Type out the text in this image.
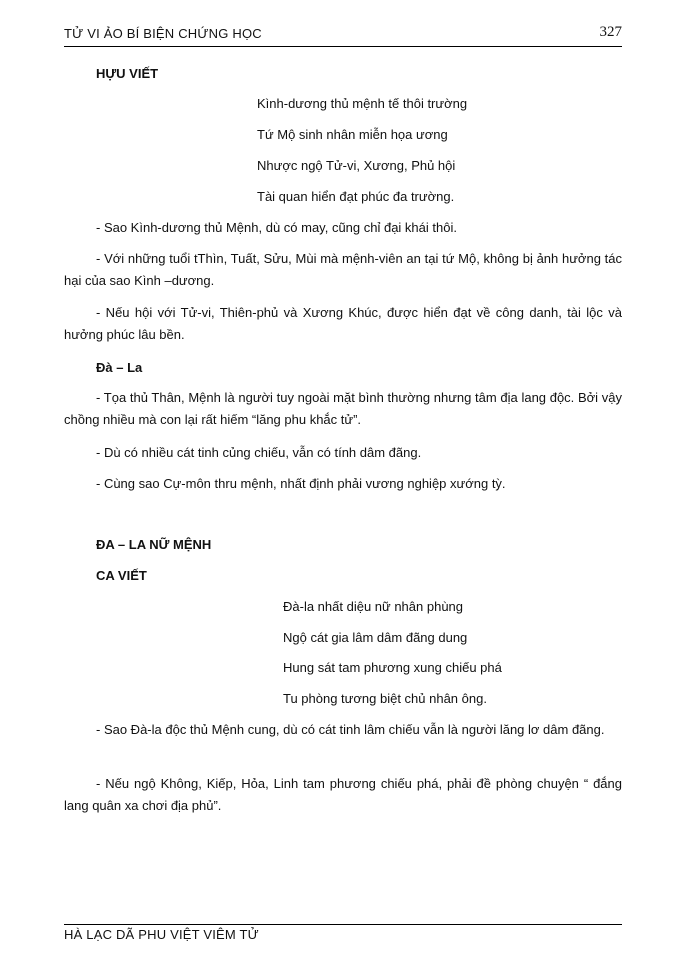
TỬ VI ẢO BÍ BIỆN CHỨNG HỌC	327
HỰU VIẾT
Kình-dương thủ mệnh tế thôi trường
Tứ Mộ sinh nhân miễn họa ương
Nhược ngộ Tử-vi, Xương, Phủ hội
Tài quan hiển đạt phúc đa trường.
- Sao Kình-dương thủ Mệnh, dù có may, cũng chỉ đại khái thôi.
- Với những tuổi tThìn, Tuất, Sửu, Mùi mà mệnh-viên an tại tứ Mộ, không bị ảnh hưởng tác hại của sao Kình –dương.
- Nếu hội với Tử-vi, Thiên-phủ và Xương Khúc, được hiển đạt về công danh, tài lộc và hưởng phúc lâu bền.
Đà – La
- Tọa thủ Thân, Mệnh là người tuy ngoài mặt bình thường nhưng tâm địa lang độc. Bởi vậy chồng nhiều mà con lại rất hiếm “lăng phu khắc tử”.
- Dù có nhiều cát tinh củng chiếu, vẫn có tính dâm đãng.
- Cùng sao Cự-môn thru mệnh, nhất định phải vương nghiệp xướng tỳ.
ĐA – LA NỮ MỆNH
CA VIẾT
Đà-la nhất diệu nữ nhân phùng
Ngộ cát gia lâm dâm đãng dung
Hung sát tam phương xung chiếu phá
Tu phòng tương biệt chủ nhân ông.
- Sao Đà-la độc thủ Mệnh cung, dù có cát tinh lâm chiếu vẫn là người lăng lơ dâm đãng.
- Nếu ngộ Không, Kiếp, Hỏa, Linh tam phương chiếu phá, phải đề phòng chuyện “ đắng lang quân xa chơi địa phủ”.
HÀ LẠC DÃ PHU VIỆT VIÊM TỬ
